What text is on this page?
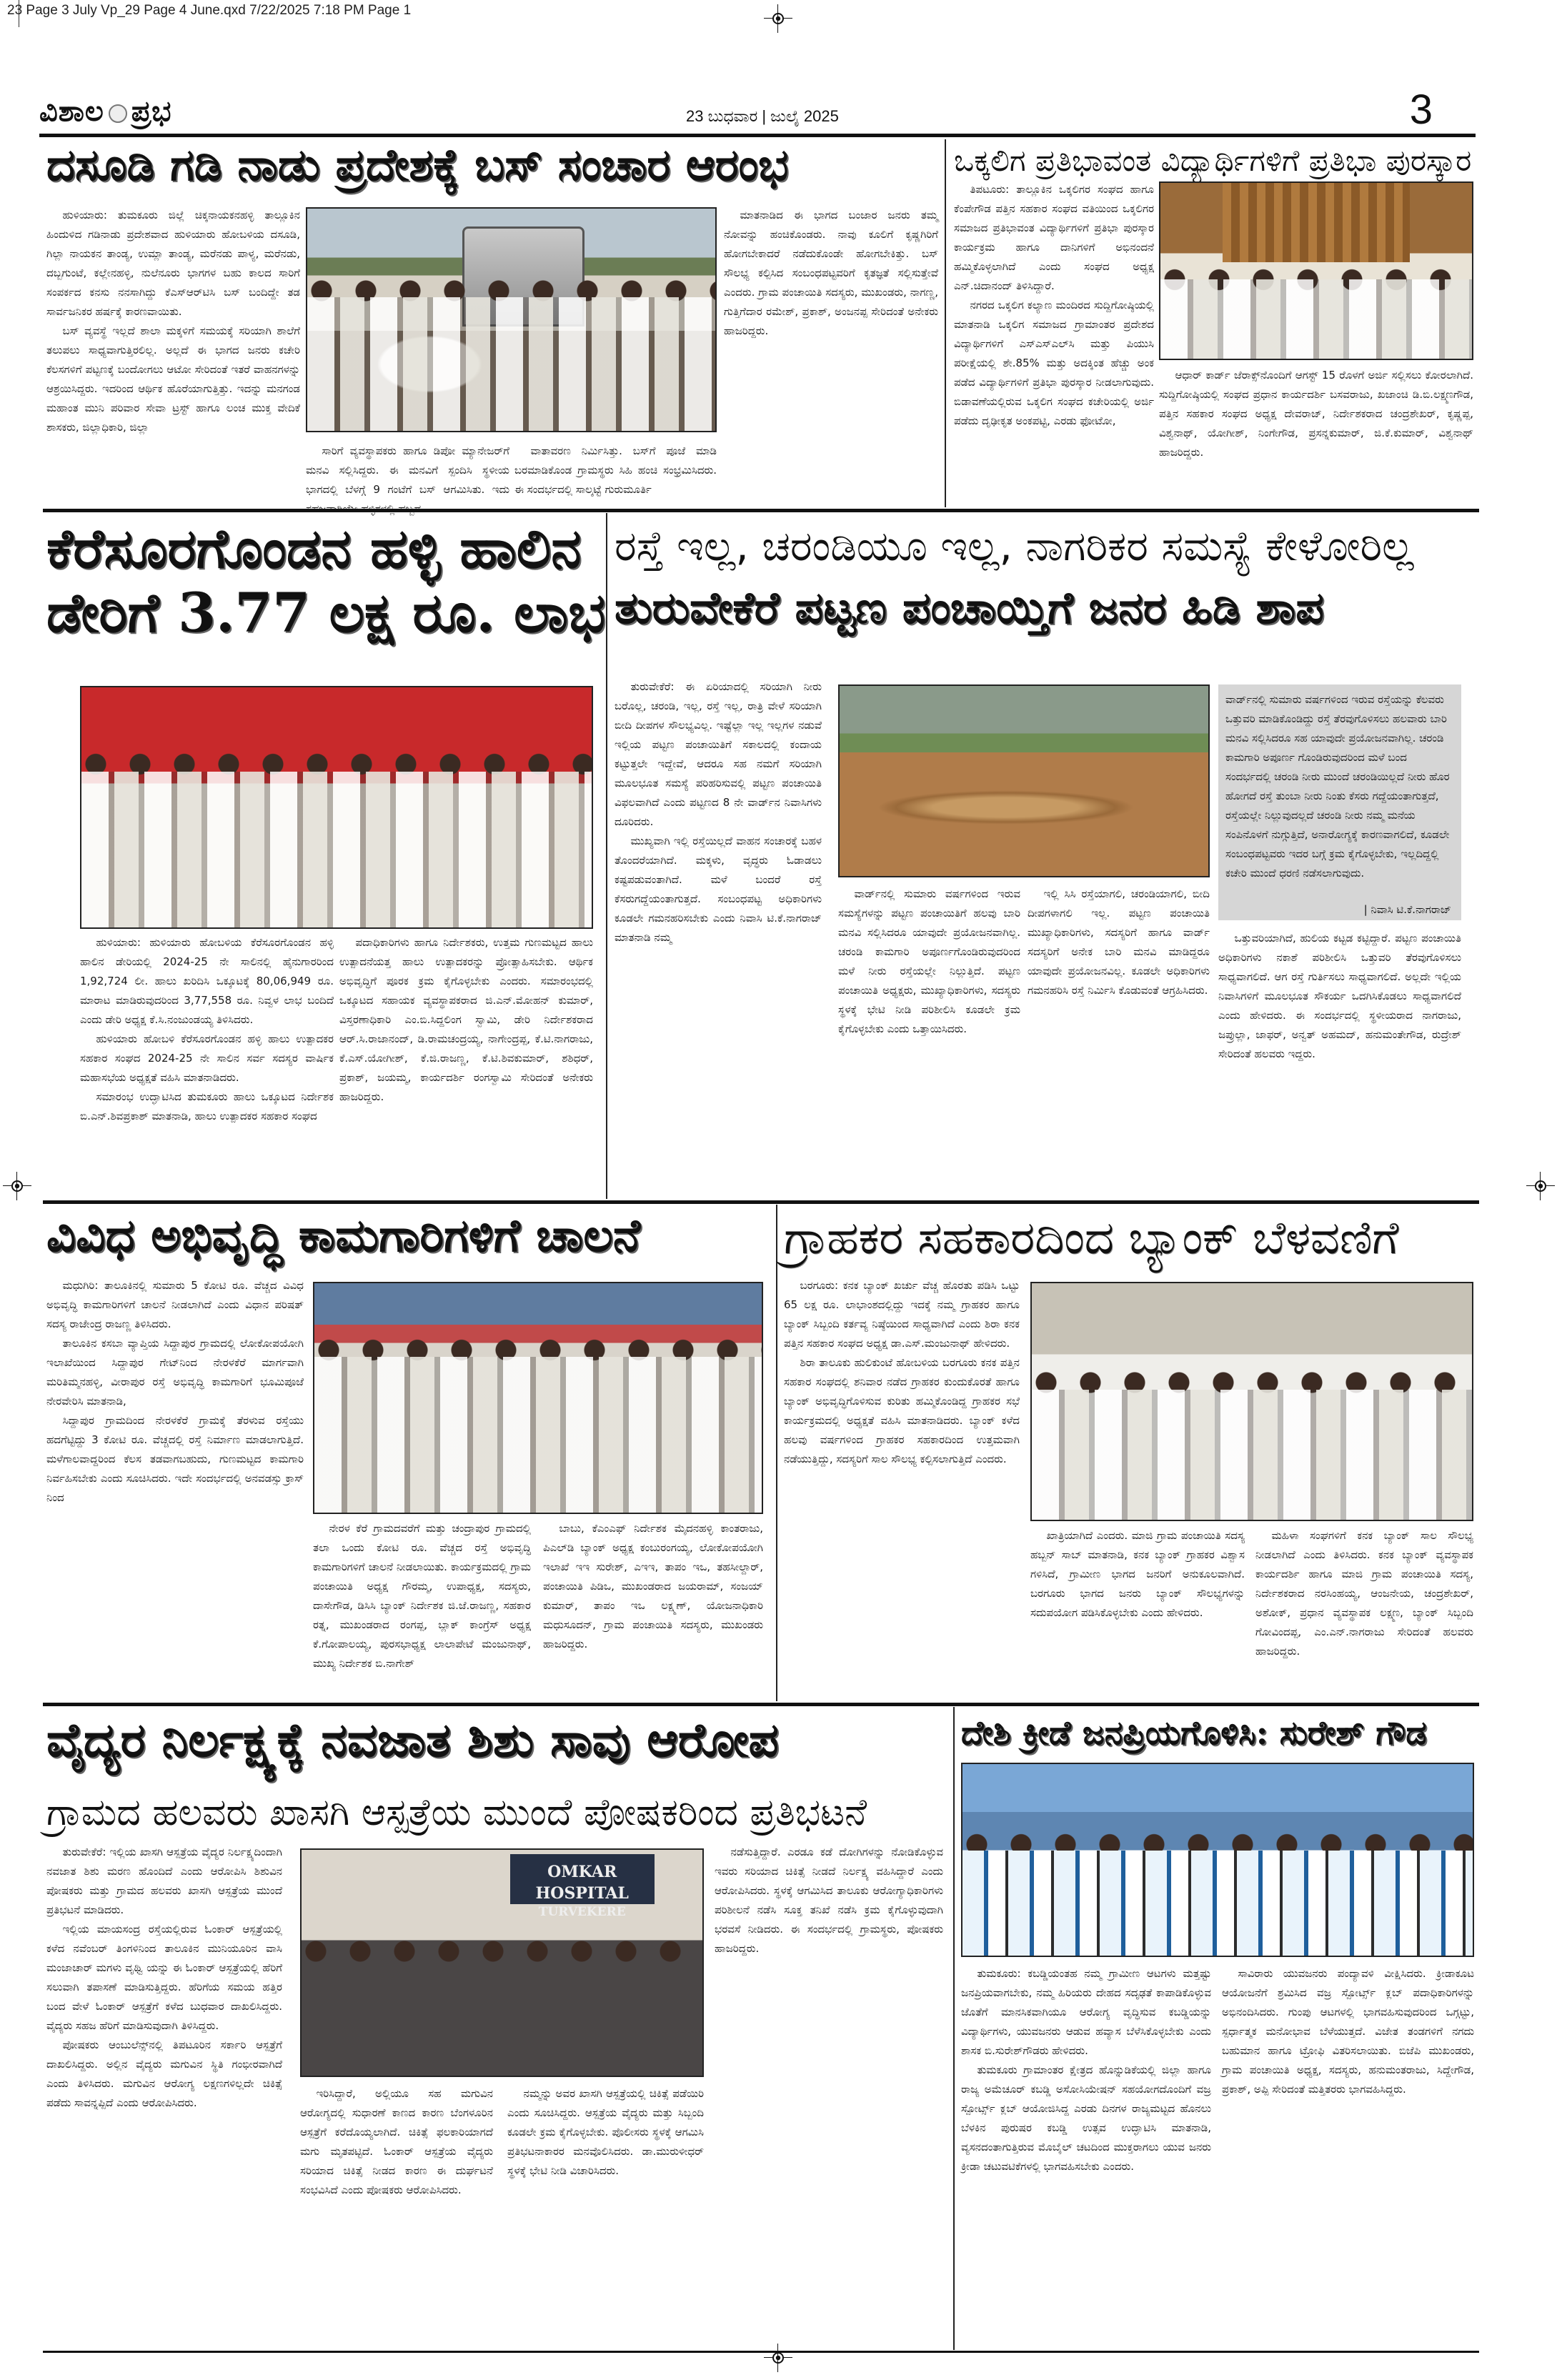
23 Page 3 July Vp_29 Page 4 June.qxd 7/22/2025 7:18 PM Page 1
ವಿಶಾಲ ಪ್ರಭ	23 ಬುಧವಾರ | ಜುಲೈ 2025	3
ದಸೂಡಿ ಗಡಿ ನಾಡು ಪ್ರದೇಶಕ್ಕೆ ಬಸ್ ಸಂಚಾರ ಆರಂಭ

ಹುಳಿಯಾರು: ತುಮಕೂರು ಜಿಲ್ಲೆ ಚಿಕ್ಕನಾಯಕನಹಳ್ಳಿ ತಾಲ್ಲೂಕಿನ ಹಿಂದುಳಿದ ಗಡಿನಾಡು ಪ್ರದೇಶವಾದ ಹುಳಿಯಾರು ಹೋಬಳಿಯ ದಸೂಡಿ, ಗಿಲ್ಲಾ ನಾಯಕನ ತಾಂಡ್ಯ, ಉಮ್ಲಾ ತಾಂಡ್ಯ, ಮರೆನಡು ಪಾಳ್ಯ, ಮರೆನಡು, ದಬ್ಬಗುಂಟೆ, ಕಲ್ಲೇನಹಳ್ಳಿ, ನುಲೆನೂರು ಭಾಗಗಳ ಬಹು ಕಾಲದ ಸಾರಿಗೆ ಸಂಪರ್ಕದ ಕನಸು ನನಸಾಗಿದ್ದು ಕೆಎಸ್ಆರ್‌ಟಿಸಿ ಬಸ್ ಬಂದಿದ್ದೇ ತಡ ಸಾರ್ವಜನಿಕರ ಹರ್ಷಕ್ಕೆ ಕಾರಣವಾಯಿತು.

ಬಸ್ ವ್ಯವಸ್ಥೆ ಇಲ್ಲದೆ ಶಾಲಾ ಮಕ್ಕಳಿಗೆ ಸಮಯಕ್ಕೆ ಸರಿಯಾಗಿ ಶಾಲೆಗೆ ತಲುಪಲು ಸಾಧ್ಯವಾಗುತ್ತಿರಲಿಲ್ಲ. ಅಲ್ಲದೆ ಈ ಭಾಗದ ಜನರು ಕಚೇರಿ ಕೆಲಸಗಳಿಗೆ ಪಟ್ಟಣಕ್ಕೆ ಬಂದೋಗಲು ಆಟೋ ಸೇರಿದಂತೆ ಇತರೆ ವಾಹನಗಳನ್ನು ಆಶ್ರಯಿಸಿದ್ದರು. ಇದರಿಂದ ಆರ್ಥಿಕ ಹೊರೆಯಾಗುತ್ತಿತ್ತು. ಇದನ್ನು ಮನಗಂಡ ಮಹಾಂತ ಮುನಿ ಪರಿವಾರ ಸೇವಾ ಟ್ರಸ್ಟ್ ಹಾಗೂ ಲಂಚ ಮುಕ್ತ ವೇದಿಕೆ ಶಾಸಕರು, ಜಿಲ್ಲಾಧಿಕಾರಿ, ಜಿಲ್ಲಾ

ಸಾರಿಗೆ ವ್ಯವಸ್ಥಾಪಕರು ಹಾಗೂ ಡಿಪೋ ಮ್ಯಾನೇಜರ್‌ಗೆ ಮನವಿ ಸಲ್ಲಿಸಿದ್ದರು. ಈ ಮನವಿಗೆ ಸ್ಪಂದಿಸಿ ಸ್ಥಳೀಯ ಭಾಗದಲ್ಲಿ ಬೆಳಗ್ಗೆ 9 ಗಂಟೆಗೆ ಬಸ್ ಆಗಮಿಸಿತು. ಇದು

ವಾತಾವರಣ ನಿರ್ಮಿಸಿತ್ತು. ಬಸ್‌ಗೆ ಪೂಜೆ ಮಾಡಿ ಬರಮಾಡಿಕೊಂಡ ಗ್ರಾಮಸ್ಥರು ಸಿಹಿ ಹಂಚಿ ಸಂಭ್ರಮಿಸಿದರು. ಈ ಸಂದರ್ಭದಲ್ಲಿ ಸಾಲ್ಕಟ್ಟೆ ಗುರುಮೂರ್ತಿ

ಮಾತನಾಡಿದ ಈ ಭಾಗದ ಬಂಜಾರ ಜನರು ತಮ್ಮ ನೋವನ್ನು ಹಂಚಿಕೊಂಡರು. ನಾವು ಕೂಲಿಗೆ ಕೃಷ್ಣಗಿರಿಗೆ ಹೋಗಬೇಕಾದರೆ ನಡೆದುಕೊಂಡೇ ಹೋಗಬೇಕಿತ್ತು. ಬಸ್ ಸೌಲಭ್ಯ ಕಲ್ಪಿಸಿದ ಸಂಬಂಧಪಟ್ಟವರಿಗೆ ಕೃತಜ್ಞತೆ ಸಲ್ಲಿಸುತ್ತೇವೆ ಎಂದರು. ಗ್ರಾಮ ಪಂಚಾಯಿತಿ ಸದಸ್ಯರು, ಮುಖಂಡರು, ನಾಗಣ್ಣ, ಗುತ್ತಿಗೆದಾರ ರಮೇಶ್, ಪ್ರಕಾಶ್, ಅಂಜನಪ್ಪ ಸೇರಿದಂತೆ ಅನೇಕರು ಹಾಜರಿದ್ದರು.

ಒಕ್ಕಲಿಗ ಪ್ರತಿಭಾವಂತ ವಿದ್ಯಾರ್ಥಿಗಳಿಗೆ ಪ್ರತಿಭಾ ಪುರಸ್ಕಾರ

ತಿಪಟೂರು: ತಾಲ್ಲೂಕಿನ ಒಕ್ಕಲಿಗರ ಸಂಘದ ಹಾಗೂ ಕೆಂಪೇಗೌಡ ಪತ್ತಿನ ಸಹಕಾರ ಸಂಘದ ವತಿಯಿಂದ ಒಕ್ಕಲಿಗರ ಸಮಾಜದ ಪ್ರತಿಭಾವಂತ ವಿದ್ಯಾರ್ಥಿಗಳಿಗೆ ಪ್ರತಿಭಾ ಪುರಸ್ಕಾರ ಕಾರ್ಯಕ್ರಮ ಹಾಗೂ ದಾನಿಗಳಿಗೆ ಅಭಿನಂದನೆ ಹಮ್ಮಿಕೊಳ್ಳಲಾಗಿದೆ ಎಂದು ಸಂಘದ ಅಧ್ಯಕ್ಷ ಎನ್.ಚಿದಾನಂದ್ ತಿಳಿಸಿದ್ದಾರೆ.

ನಗರದ ಒಕ್ಕಲಿಗ ಕಲ್ಯಾಣ ಮಂದಿರದ ಸುದ್ದಿಗೋಷ್ಠಿಯಲ್ಲಿ ಮಾತನಾಡಿ ಒಕ್ಕಲಿಗ ಸಮಾಜದ ಗ್ರಾಮಾಂತರ ಪ್ರದೇಶದ ವಿದ್ಯಾರ್ಥಿಗಳಿಗೆ ಎಸ್ಎಸ್ಎಲ್‌ಸಿ ಮತ್ತು ಪಿಯುಸಿ ಪರೀಕ್ಷೆಯಲ್ಲಿ ಶೇ.85% ಮತ್ತು ಅದಕ್ಕಿಂತ ಹೆಚ್ಚು ಅಂಕ ಪಡೆದ ವಿದ್ಯಾರ್ಥಿಗಳಿಗೆ ಪ್ರತಿಭಾ ಪುರಸ್ಕಾರ ನೀಡಲಾಗುವುದು. ಬಿಡಾವಣೆಯಲ್ಲಿರುವ ಒಕ್ಕಲಿಗ ಸಂಘದ ಕಚೇರಿಯಲ್ಲಿ ಅರ್ಜಿ ಪಡೆದು ದೃಢೀಕೃತ ಅಂಕಪಟ್ಟಿ, ಎರಡು ಫೋಟೋ,

ಆಧಾರ್ ಕಾರ್ಡ್ ಜೆರಾಕ್ಸ್‌ನೊಂದಿಗೆ ಆಗಸ್ಟ್ 15 ರೊಳಗೆ ಅರ್ಜಿ ಸಲ್ಲಿಸಲು ಕೋರಲಾಗಿದೆ. ಸುದ್ದಿಗೋಷ್ಠಿಯಲ್ಲಿ ಸಂಘದ ಪ್ರಧಾನ ಕಾರ್ಯದರ್ಶಿ ಬಸವರಾಜು, ಖಜಾಂಚಿ ಡಿ.ಬಿ.ಲಕ್ಷ್ಮಣಗೌಡ, ಪತ್ತಿನ ಸಹಕಾರ ಸಂಘದ ಅಧ್ಯಕ್ಷ ದೇವರಾಜ್, ನಿರ್ದೇಶಕರಾದ ಚಂದ್ರಶೇಖರ್, ಕೃಷ್ಣಪ್ಪ, ವಿಶ್ವನಾಥ್, ಯೋಗೀಶ್, ನಿಂಗೇಗೌಡ, ಪ್ರಸನ್ನಕುಮಾರ್, ಜಿ.ಕೆ.ಕುಮಾರ್, ವಿಶ್ವನಾಥ್ ಹಾಜರಿದ್ದರು.

ಕೆರೆಸೂರಗೊಂಡನ ಹಳ್ಳಿ ಹಾಲಿನ
ಡೇರಿಗೆ 3.77 ಲಕ್ಷ ರೂ. ಲಾಭ

ಹುಳಿಯಾರು: ಹುಳಿಯಾರು ಹೋಬಳಿಯ ಕೆರೆಸೂರಗೊಂಡನ ಹಳ್ಳಿ ಹಾಲಿನ ಡೇರಿಯಲ್ಲಿ 2024-25 ನೇ ಸಾಲಿನಲ್ಲಿ ಹೈನುಗಾರರಿಂದ 1,92,724 ಲೀ. ಹಾಲು ಖರಿದಿಸಿ ಒಕ್ಕೂಟಕ್ಕೆ 80,06,949 ರೂ. ಮಾರಾಟ ಮಾಡಿರುವುದರಿಂದ 3,77,558 ರೂ. ನಿವ್ವಳ ಲಾಭ ಬಂದಿದೆ ಎಂದು ಡೇರಿ ಅಧ್ಯಕ್ಷ ಕೆ.ಸಿ.ನಂಜುಂಡಯ್ಯ ತಿಳಿಸಿದರು.

ಹುಳಿಯಾರು ಹೋಬಳಿ ಕೆರೆಸೂರಗೊಂಡನ ಹಳ್ಳಿ ಹಾಲು ಉತ್ಪಾದಕರ ಸಹಕಾರ ಸಂಘದ 2024-25 ನೇ ಸಾಲಿನ ಸರ್ವ ಸದಸ್ಯರ ವಾರ್ಷಿಕ ಮಹಾಸಭೆಯ ಅಧ್ಯಕ್ಷತೆ ವಹಿಸಿ ಮಾತನಾಡಿದರು.

ಸಮಾರಂಭ ಉದ್ಘಾಟಿಸಿದ ತುಮಕೂರು ಹಾಲು ಒಕ್ಕೂಟದ ನಿರ್ದೇಶಕ ಬಿ.ಎನ್.ಶಿವಪ್ರಕಾಶ್ ಮಾತನಾಡಿ, ಹಾಲು ಉತ್ಪಾದಕರ ಸಹಕಾರ ಸಂಘದ

ಪದಾಧಿಕಾರಿಗಳು ಹಾಗೂ ನಿರ್ದೇಶಕರು, ಉತ್ತಮ ಗುಣಮಟ್ಟದ ಹಾಲು ಉತ್ಪಾದನೆಯತ್ತ ಹಾಲು ಉತ್ಪಾದಕರನ್ನು ಪ್ರೋತ್ಸಾಹಿಸಬೇಕು. ಆರ್ಥಿಕ ಅಭಿವೃದ್ಧಿಗೆ ಪೂರಕ ಕ್ರಮ ಕೈಗೊಳ್ಳಬೇಕು ಎಂದರು. ಸಮಾರಂಭದಲ್ಲಿ ಒಕ್ಕೂಟದ ಸಹಾಯಕ ವ್ಯವಸ್ಥಾಪಕರಾದ ಜಿ.ಎನ್.ಮೋಹನ್ ಕುಮಾರ್, ವಿಸ್ತರಣಾಧಿಕಾರಿ ಎಂ.ಬಿ.ಸಿದ್ದಲಿಂಗ ಸ್ವಾಮಿ, ಡೇರಿ ನಿರ್ದೇಶಕರಾದ ಆರ್.ಸಿ.ರಾಜಾನಂದ್, ಡಿ.ರಾಮಚಂದ್ರಯ್ಯ, ನಾಗೇಂದ್ರಪ್ಪ, ಕೆ.ಟಿ.ನಾಗರಾಜು, ಕೆ.ಎಸ್.ಯೋಗೀಶ್, ಕೆ.ಜಿ.ರಾಜಣ್ಣ, ಕೆ.ಟಿ.ಶಿವಕುಮಾರ್, ಶಶಿಧರ್, ಪ್ರಕಾಶ್, ಜಯಮ್ಮ, ಕಾರ್ಯದರ್ಶಿ ರಂಗಸ್ವಾಮಿ ಸೇರಿದಂತೆ ಅನೇಕರು ಹಾಜರಿದ್ದರು.

ರಸ್ತೆ ಇಲ್ಲ, ಚರಂಡಿಯೂ ಇಲ್ಲ, ನಾಗರಿಕರ ಸಮಸ್ಯೆ ಕೇಳೋರಿಲ್ಲ
ತುರುವೇಕೆರೆ ಪಟ್ಟಣ ಪಂಚಾಯ್ತಿಗೆ ಜನರ ಹಿಡಿ ಶಾಪ

ತುರುವೇಕೆರೆ: ಈ ಏರಿಯಾದಲ್ಲಿ ಸರಿಯಾಗಿ ನೀರು ಬರೊಲ್ಲ, ಚರಂಡಿ, ಇಲ್ಲ, ರಸ್ತೆ ಇಲ್ಲ, ರಾತ್ರಿ ವೇಳೆ ಸರಿಯಾಗಿ ಬೀದಿ ದೀಪಗಳ ಸೌಲಭ್ಯವಿಲ್ಲ. ಇಷ್ಟೆಲ್ಲಾ ಇಲ್ಲ ಇಲ್ಲಗಳ ನಡುವೆ ಇಲ್ಲಿಯ ಪಟ್ಟಣ ಪಂಚಾಯಿತಿಗೆ ಸಕಾಲದಲ್ಲಿ ಕಂದಾಯ ಕಟ್ಟುತ್ತಲೇ ಇದ್ದೇವೆ, ಆದರೂ ಸಹ ನಮಗೆ ಸರಿಯಾಗಿ ಮೂಲಭೂತ ಸಮಸ್ಯೆ ಪರಿಹರಿಸುವಲ್ಲಿ ಪಟ್ಟಣ ಪಂಚಾಯಿತಿ ವಿಫಲವಾಗಿದೆ ಎಂದು ಪಟ್ಟಣದ 8 ನೇ ವಾರ್ಡ್‌ನ ನಿವಾಸಿಗಳು ದೂರಿದರು.

ಮುಖ್ಯವಾಗಿ ಇಲ್ಲಿ ರಸ್ತೆಯಿಲ್ಲದೆ ವಾಹನ ಸಂಚಾರಕ್ಕೆ ಬಹಳ ತೊಂದರೆಯಾಗಿದೆ. ಮಕ್ಕಳು, ವೃದ್ಧರು ಓಡಾಡಲು ಕಷ್ಟಪಡುವಂತಾಗಿದೆ. ಮಳೆ ಬಂದರೆ ರಸ್ತೆ ಕೆಸರುಗದ್ದೆಯಂತಾಗುತ್ತದೆ. ಸಂಬಂಧಪಟ್ಟ ಅಧಿಕಾರಿಗಳು ಕೂಡಲೇ ಗಮನಹರಿಸಬೇಕು ಎಂದು ನಿವಾಸಿ ಟಿ.ಕೆ.ನಾಗರಾಜ್ ಮಾತನಾಡಿ ನಮ್ಮ

ವಾರ್ಡ್‌ನಲ್ಲಿ ಸುಮಾರು ವರ್ಷಗಳಿಂದ ಇರುವ ಸಮಸ್ಯೆಗಳನ್ನು ಪಟ್ಟಣ ಪಂಚಾಯಿತಿಗೆ ಹಲವು ಬಾರಿ ಮನವಿ ಸಲ್ಲಿಸಿದರೂ ಯಾವುದೇ ಪ್ರಯೋಜನವಾಗಿಲ್ಲ. ಚರಂಡಿ ಕಾಮಗಾರಿ ಅಪೂರ್ಣಗೊಂಡಿರುವುದರಿಂದ ಮಳೆ ನೀರು ರಸ್ತೆಯಲ್ಲೇ ನಿಲ್ಲುತ್ತಿದೆ. ಪಟ್ಟಣ ಪಂಚಾಯಿತಿ ಅಧ್ಯಕ್ಷರು, ಮುಖ್ಯಾಧಿಕಾರಿಗಳು, ಸದಸ್ಯರು ಸ್ಥಳಕ್ಕೆ ಭೇಟಿ ನೀಡಿ ಪರಿಶೀಲಿಸಿ ಕೂಡಲೇ ಕ್ರಮ ಕೈಗೊಳ್ಳಬೇಕು ಎಂದು ಒತ್ತಾಯಿಸಿದರು.

ಇಲ್ಲಿ ಸಿಸಿ ರಸ್ತೆಯಾಗಲಿ, ಚರಂಡಿಯಾಗಲಿ, ಬೀದಿ ದೀಪಗಳಾಗಲಿ ಇಲ್ಲ. ಪಟ್ಟಣ ಪಂಚಾಯಿತಿ ಮುಖ್ಯಾಧಿಕಾರಿಗಳು, ಸದಸ್ಯರಿಗೆ ಹಾಗೂ ವಾರ್ಡ್ ಸದಸ್ಯರಿಗೆ ಅನೇಕ ಬಾರಿ ಮನವಿ ಮಾಡಿದ್ದರೂ ಯಾವುದೇ ಪ್ರಯೋಜನವಿಲ್ಲ. ಕೂಡಲೇ ಅಧಿಕಾರಿಗಳು ಗಮನಹರಿಸಿ ರಸ್ತೆ ನಿರ್ಮಿಸಿ ಕೊಡುವಂತೆ ಆಗ್ರಹಿಸಿದರು.

ವಾರ್ಡ್‌ನಲ್ಲಿ ಸುಮಾರು ವರ್ಷಗಳಿಂದ ಇರುವ ರಸ್ತೆಯನ್ನು ಕೆಲವರು ಒತ್ತುವರಿ ಮಾಡಿಕೊಂಡಿದ್ದು ರಸ್ತೆ ತೆರವುಗೊಳಿಸಲು ಹಲವಾರು ಬಾರಿ ಮನವಿ ಸಲ್ಲಿಸಿದರೂ ಸಹ ಯಾವುದೇ ಪ್ರಯೋಜನವಾಗಿಲ್ಲ. ಚರಂಡಿ ಕಾಮಗಾರಿ ಅಪೂರ್ಣ ಗೊಂಡಿರುವುದರಿಂದ ಮಳೆ ಬಂದ ಸಂದರ್ಭದಲ್ಲಿ ಚರಂಡಿ ನೀರು ಮುಂದೆ ಚರಂಡಿಯಿಲ್ಲದೆ ನೀರು ಹೊರ ಹೋಗದೆ ರಸ್ತೆ ತುಂಬಾ ನೀರು ನಿಂತು ಕೆಸರು ಗದ್ದೆಯಂತಾಗುತ್ತದೆ, ರಸ್ತೆಯಲ್ಲೇ ನಿಲ್ಲುವುದಲ್ಲದೆ ಚರಂಡಿ ನೀರು ನಮ್ಮ ಮನೆಯ ಸಂಪಿನೊಳಗೆ ನುಗ್ಗುತ್ತಿದೆ, ಅನಾರೋಗ್ಯಕ್ಕೆ ಕಾರಣವಾಗಲಿದೆ, ಕೂಡಲೇ ಸಂಬಂಧಪಟ್ಟವರು ಇದರ ಬಗ್ಗೆ ಕ್ರಮ ಕೈಗೊಳ್ಳಬೇಕು, ಇಲ್ಲದಿದ್ದಲ್ಲಿ ಕಚೇರಿ ಮುಂದೆ ಧರಣಿ ನಡೆಸಲಾಗುವುದು.
| ನಿವಾಸಿ ಟಿ.ಕೆ.ನಾಗರಾಜ್

ಒತ್ತುವರಿಯಾಗಿದೆ, ಹುಲಿಯ ಕಟ್ಟಡ ಕಟ್ಟಿದ್ದಾರೆ. ಪಟ್ಟಣ ಪಂಚಾಯಿತಿ ಅಧಿಕಾರಿಗಳು ನಕಾಶೆ ಪರಿಶೀಲಿಸಿ ಒತ್ತುವರಿ ತೆರವುಗೊಳಿಸಲು ಸಾಧ್ಯವಾಗಲಿದೆ. ಆಗ ರಸ್ತೆ ಗುರ್ತಿಸಲು ಸಾಧ್ಯವಾಗಲಿದೆ. ಅಲ್ಲದೇ ಇಲ್ಲಿಯ ನಿವಾಸಿಗಳಿಗೆ ಮೂಲಭೂತ ಸೌಕರ್ಯ ಒದಗಿಸಿಕೊಡಲು ಸಾಧ್ಯವಾಗಲಿದೆ ಎಂದು ಹೇಳಿದರು. ಈ ಸಂದರ್ಭದಲ್ಲಿ ಸ್ಥಳೀಯರಾದ ನಾಗರಾಜು, ಜಪ್ರುಲ್ಲಾ, ಜಾಫರ್, ಅನ್ವತ್ ಅಹಮದ್, ಹನುಮಂತೇಗೌಡ, ರುದ್ರೇಶ್ ಸೇರಿದಂತೆ ಹಲವರು ಇದ್ದರು.

ವಿವಿಧ ಅಭಿವೃದ್ಧಿ ಕಾಮಗಾರಿಗಳಿಗೆ ಚಾಲನೆ

ಮಧುಗಿರಿ: ತಾಲೂಕಿನಲ್ಲಿ ಸುಮಾರು 5 ಕೋಟಿ ರೂ. ವೆಚ್ಚದ ವಿವಿಧ ಅಭಿವೃದ್ಧಿ ಕಾಮಗಾರಿಗಳಿಗೆ ಚಾಲನೆ ನೀಡಲಾಗಿದೆ ಎಂದು ವಿಧಾನ ಪರಿಷತ್ ಸದಸ್ಯ ರಾಜೇಂದ್ರ ರಾಜಣ್ಣ ತಿಳಿಸಿದರು.

ತಾಲೂಕಿನ ಕಸಬಾ ವ್ಯಾಪ್ತಿಯ ಸಿದ್ದಾಪುರ ಗ್ರಾಮದಲ್ಲಿ ಲೋಕೋಪಯೋಗಿ ಇಲಾಖೆಯಿಂದ ಸಿದ್ದಾಪುರ ಗೇಟ್‌ನಿಂದ ನೇರಳಕೆರೆ ಮಾರ್ಗವಾಗಿ ಮರಿತಿಮ್ಮನಹಳ್ಳಿ, ವೀರಾಪುರ ರಸ್ತೆ ಅಭಿವೃದ್ಧಿ ಕಾಮಗಾರಿಗೆ ಭೂಮಿಪೂಜೆ ನೇರವೇರಿಸಿ ಮಾತನಾಡಿ,

ಸಿದ್ದಾಪುರ ಗ್ರಾಮದಿಂದ ನೇರಳಕೆರೆ ಗ್ರಾಮಕ್ಕೆ ತೆರಳುವ ರಸ್ತೆಯು ಹದಗೆಟ್ಟಿದ್ದು 3 ಕೋಟಿ ರೂ. ವೆಚ್ಚದಲ್ಲಿ ರಸ್ತೆ ನಿರ್ಮಾಣ ಮಾಡಲಾಗುತ್ತಿದೆ. ಮಳೆಗಾಲವಾದ್ದರಿಂದ ಕೆಲಸ ತಡವಾಗಬಹುದು, ಗುಣಮಟ್ಟದ ಕಾಮಗಾರಿ ನಿರ್ವಹಿಸಬೇಕು ಎಂದು ಸೂಚಿಸಿದರು. ಇದೇ ಸಂದರ್ಭದಲ್ಲಿ ಅನವಡಸ್ಸು ಕ್ರಾಸ್ ನಿಂದ

ನೇರಳ ಕೆರೆ ಗ್ರಾಮದವರೆಗೆ ಮತ್ತು ಚಂದ್ರಾಪುರ ಗ್ರಾಮದಲ್ಲಿ ತಲಾ ಒಂದು ಕೋಟಿ ರೂ. ವೆಚ್ಚದ ರಸ್ತೆ ಅಭಿವೃದ್ಧಿ ಕಾಮಗಾರಿಗಳಿಗೆ ಚಾಲನೆ ನೀಡಲಾಯಿತು. ಕಾರ್ಯಕ್ರಮದಲ್ಲಿ ಗ್ರಾಮ ಪಂಚಾಯಿತಿ ಅಧ್ಯಕ್ಷ ಗೌರಮ್ಮ, ಉಪಾಧ್ಯಕ್ಷ, ಸದಸ್ಯರು, ದಾಸೇಗೌಡ, ಡಿಸಿಸಿ ಬ್ಯಾಂಕ್ ನಿರ್ದೇಶಕ ಜಿ.ಜೆ.ರಾಜಣ್ಣ, ಸಹಕಾರ ರತ್ನ, ಮುಖಂಡರಾದ ರಂಗಪ್ಪ, ಬ್ಲಾಕ್ ಕಾಂಗ್ರೆಸ್ ಅಧ್ಯಕ್ಷ ಕೆ.ಗೋಪಾಲಯ್ಯ, ಪುರಸಭಾಧ್ಯಕ್ಷ ಲಾಲಾಪೇಟೆ ಮಂಜುನಾಥ್, ಮುಖ್ಯ ನಿರ್ದೇಶಕ ಬಿ.ನಾಗೇಶ್

ಬಾಬು, ಕೆಎಂಎಫ್ ನಿರ್ದೇಶಕ ಮೈದನಹಳ್ಳಿ ಕಾಂತರಾಜು, ಪಿಎಲ್‌ಡಿ ಬ್ಯಾಂಕ್ ಅಧ್ಯಕ್ಷ ಕಂಬುರಂಗಯ್ಯ, ಲೋಕೋಪಯೋಗಿ ಇಲಾಖೆ ಇಇ ಸುರೇಶ್, ಎಇಇ, ತಾಪಂ ಇಒ, ತಹಸೀಲ್ದಾರ್, ಪಂಚಾಯಿತಿ ಪಿಡಿಒ, ಮುಖಂಡರಾದ ಜಯರಾಮ್, ಸಂಜಯ್ ಕುಮಾರ್, ತಾಪಂ ಇಒ ಲಕ್ಷ್ಮಣ್, ಯೋಜನಾಧಿಕಾರಿ ಮಧುಸೂದನ್, ಗ್ರಾಮ ಪಂಚಾಯಿತಿ ಸದಸ್ಯರು, ಮುಖಂಡರು ಹಾಜರಿದ್ದರು.

ಗ್ರಾಹಕರ ಸಹಕಾರದಿಂದ ಬ್ಯಾಂಕ್ ಬೆಳವಣಿಗೆ

ಬರಗೂರು: ಕನಕ ಬ್ಯಾಂಕ್ ಖರ್ಚು ವೆಚ್ಚ ಹೊರತು ಪಡಿಸಿ ಒಟ್ಟು 65 ಲಕ್ಷ ರೂ. ಲಾಭಾಂಶದಲ್ಲಿದ್ದು ಇದಕ್ಕೆ ನಮ್ಮ ಗ್ರಾಹಕರ ಹಾಗೂ ಬ್ಯಾಂಕ್ ಸಿಬ್ಬಂದಿ ಕರ್ತವ್ಯ ನಿಷ್ಠೆಯಿಂದ ಸಾಧ್ಯವಾಗಿದೆ ಎಂದು ಶಿರಾ ಕನಕ ಪತ್ತಿನ ಸಹಕಾರ ಸಂಘದ ಅಧ್ಯಕ್ಷ ಡಾ.ಎಸ್.ಮಂಜುನಾಥ್ ಹೇಳಿದರು.

ಶಿರಾ ತಾಲೂಕು ಹುಲಿಕುಂಟೆ ಹೋಬಳಿಯ ಬರಗೂರು ಕನಕ ಪತ್ತಿನ ಸಹಕಾರ ಸಂಘದಲ್ಲಿ ಶನಿವಾರ ನಡೆದ ಗ್ರಾಹಕರ ಕುಂದುಕೊರತೆ ಹಾಗೂ ಬ್ಯಾಂಕ್ ಅಭಿವೃದ್ಧಿಗೊಳಿಸುವ ಕುರಿತು ಹಮ್ಮಿಕೊಂಡಿದ್ದ ಗ್ರಾಹಕರ ಸಭೆ ಕಾರ್ಯಕ್ರಮದಲ್ಲಿ ಅಧ್ಯಕ್ಷತೆ ವಹಿಸಿ ಮಾತನಾಡಿದರು. ಬ್ಯಾಂಕ್ ಕಳೆದ ಹಲವು ವರ್ಷಗಳಿಂದ ಗ್ರಾಹಕರ ಸಹಕಾರದಿಂದ ಉತ್ತಮವಾಗಿ ನಡೆಯುತ್ತಿದ್ದು, ಸದಸ್ಯರಿಗೆ ಸಾಲ ಸೌಲಭ್ಯ ಕಲ್ಪಿಸಲಾಗುತ್ತಿದೆ ಎಂದರು.

ಖಾತ್ರಿಯಾಗಿದೆ ಎಂದರು. ಮಾಜಿ ಗ್ರಾಮ ಪಂಚಾಯಿತಿ ಸದಸ್ಯ ಹಬ್ಬನ್ ಸಾಬ್ ಮಾತನಾಡಿ, ಕನಕ ಬ್ಯಾಂಕ್ ಗ್ರಾಹಕರ ವಿಶ್ವಾಸ ಗಳಿಸಿದೆ, ಗ್ರಾಮೀಣ ಭಾಗದ ಜನರಿಗೆ ಅನುಕೂಲವಾಗಿದೆ. ಬರಗೂರು ಭಾಗದ ಜನರು ಬ್ಯಾಂಕ್ ಸೌಲಭ್ಯಗಳನ್ನು ಸದುಪಯೋಗ ಪಡಿಸಿಕೊಳ್ಳಬೇಕು ಎಂದು ಹೇಳಿದರು.

ಮಹಿಳಾ ಸಂಘಗಳಿಗೆ ಕನಕ ಬ್ಯಾಂಕ್ ಸಾಲ ಸೌಲಭ್ಯ ನೀಡಲಾಗಿದೆ ಎಂದು ತಿಳಿಸಿದರು. ಕನಕ ಬ್ಯಾಂಕ್ ವ್ಯವಸ್ಥಾಪಕ ಕಾರ್ಯದರ್ಶಿ ಹಾಗೂ ಮಾಜಿ ಗ್ರಾಮ ಪಂಚಾಯಿತಿ ಸದಸ್ಯ, ನಿರ್ದೇಶಕರಾದ ನರಸಿಂಹಯ್ಯ, ಆಂಜನೇಯ, ಚಂದ್ರಶೇಖರ್, ಅಶೋಕ್, ಪ್ರಧಾನ ವ್ಯವಸ್ಥಾಪಕ ಲಕ್ಷ್ಮಣ, ಬ್ಯಾಂಕ್ ಸಿಬ್ಬಂದಿ ಗೋವಿಂದಪ್ಪ, ಎಂ.ಎನ್.ನಾಗರಾಜು ಸೇರಿದಂತೆ ಹಲವರು ಹಾಜರಿದ್ದರು.

ವೈದ್ಯರ ನಿರ್ಲಕ್ಷ್ಯಕ್ಕೆ ನವಜಾತ ಶಿಶು ಸಾವು ಆರೋಪ
ಗ್ರಾಮದ ಹಲವರು ಖಾಸಗಿ ಆಸ್ಪತ್ರೆಯ ಮುಂದೆ ಪೋಷಕರಿಂದ ಪ್ರತಿಭಟನೆ

ತುರುವೇಕೆರೆ: ಇಲ್ಲಿಯ ಖಾಸಗಿ ಆಸ್ಪತ್ರೆಯ ವೈದ್ಯರ ನಿರ್ಲಕ್ಷ್ಯದಿಂದಾಗಿ ನವಜಾತ ಶಿಶು ಮರಣ ಹೊಂದಿದೆ ಎಂದು ಆರೋಪಿಸಿ ಶಿಶುವಿನ ಪೋಷಕರು ಮತ್ತು ಗ್ರಾಮದ ಹಲವರು ಖಾಸಗಿ ಆಸ್ಪತ್ರೆಯ ಮುಂದೆ ಪ್ರತಿಭಟನೆ ಮಾಡಿದರು.

ಇಲ್ಲಿಯ ಮಾಯಸಂದ್ರ ರಸ್ತೆಯಲ್ಲಿರುವ ಓಂಕಾರ್ ಆಸ್ಪತ್ರೆಯಲ್ಲಿ ಕಳೆದ ನವೆಂಬರ್ ತಿಂಗಳಿನಿಂದ ತಾಲೂಕಿನ ಮುನಿಯೂರಿನ ವಾಸಿ ಮಂಜಾಚಾರ್ ಮಗಳು ವೃಥ್ವಿ ಯನ್ನು ಈ ಓಂಕಾರ್ ಆಸ್ಪತ್ರೆಯಲ್ಲಿ ಹೆರಿಗೆ ಸಲುವಾಗಿ ತಪಾಸಣೆ ಮಾಡಿಸುತ್ತಿದ್ದರು. ಹೆರಿಗೆಯ ಸಮಯ ಹತ್ತಿರ ಬಂದ ವೇಳೆ ಓಂಕಾರ್ ಆಸ್ಪತ್ರೆಗೆ ಕಳೆದ ಬುಧವಾರ ದಾಖಲಿಸಿದ್ದರು. ವೈದ್ಯರು ಸಹಜ ಹೆರಿಗೆ ಮಾಡಿಸುವುದಾಗಿ ತಿಳಿಸಿದ್ದರು.

ಪೋಷಕರು ಆಂಬುಲೆನ್ಸ್‌ನಲ್ಲಿ ತಿಪಟೂರಿನ ಸರ್ಕಾರಿ ಆಸ್ಪತ್ರೆಗೆ ದಾಖಲಿಸಿದ್ದರು. ಅಲ್ಲಿನ ವೈದ್ಯರು ಮಗುವಿನ ಸ್ಥಿತಿ ಗಂಭೀರವಾಗಿದೆ ಎಂದು ತಿಳಿಸಿದರು. ಮಗುವಿನ ಆರೋಗ್ಯ ಲಕ್ಷಣಗಳಿಲ್ಲದೇ ಚಿಕಿತ್ಸೆ ಪಡೆದು ಸಾವನ್ನಪ್ಪಿದೆ ಎಂದು ಆರೋಪಿಸಿದರು.

OMKAR HOSPITAL
TURVEKERE

ಇರಿಸಿದ್ದಾರೆ, ಅಲ್ಲಿಯೂ ಸಹ ಮಗುವಿನ ಆರೋಗ್ಯದಲ್ಲಿ ಸುಧಾರಣೆ ಕಾಣದ ಕಾರಣ ಬೆಂಗಳೂರಿನ ಆಸ್ಪತ್ರೆಗೆ ಕರೆದೊಯ್ಯಲಾಗಿದೆ. ಚಿಕಿತ್ಸೆ ಫಲಕಾರಿಯಾಗದೆ ಮಗು ಮೃತಪಟ್ಟಿದೆ. ಓಂಕಾರ್ ಆಸ್ಪತ್ರೆಯ ವೈದ್ಯರು ಸರಿಯಾದ ಚಿಕಿತ್ಸೆ ನೀಡದ ಕಾರಣ ಈ ದುರ್ಘಟನೆ ಸಂಭವಿಸಿದೆ ಎಂದು ಪೋಷಕರು ಆರೋಪಿಸಿದರು.

ನಮ್ಮನ್ನು ಅವರ ಖಾಸಗಿ ಆಸ್ಪತ್ರೆಯಲ್ಲಿ ಚಿಕಿತ್ಸೆ ಪಡೆಯಿರಿ ಎಂದು ಸೂಚಿಸಿದ್ದರು. ಆಸ್ಪತ್ರೆಯ ವೈದ್ಯರು ಮತ್ತು ಸಿಬ್ಬಂದಿ ಕೂಡಲೇ ಕ್ರಮ ಕೈಗೊಳ್ಳಬೇಕು. ಪೊಲೀಸರು ಸ್ಥಳಕ್ಕೆ ಆಗಮಿಸಿ ಪ್ರತಿಭಟನಾಕಾರರ ಮನವೊಲಿಸಿದರು. ಡಾ.ಮುರುಳೀಧರ್ ಸ್ಥಳಕ್ಕೆ ಭೇಟಿ ನೀಡಿ ವಿಚಾರಿಸಿದರು.

ನಡೆಸುತ್ತಿದ್ದಾರೆ. ಎರಡೂ ಕಡೆ ದೋಗಿಗಳನ್ನು ನೋಡಿಕೊಳ್ಳುವ ಇವರು ಸರಿಯಾದ ಚಿಕಿತ್ಸೆ ನೀಡದೆ ನಿರ್ಲಕ್ಷ್ಯ ವಹಿಸಿದ್ದಾರೆ ಎಂದು ಆರೋಪಿಸಿದರು. ಸ್ಥಳಕ್ಕೆ ಆಗಮಿಸಿದ ತಾಲೂಕು ಆರೋಗ್ಯಾಧಿಕಾರಿಗಳು ಪರಿಶೀಲನೆ ನಡೆಸಿ ಸೂಕ್ತ ತನಿಖೆ ನಡೆಸಿ ಕ್ರಮ ಕೈಗೊಳ್ಳುವುದಾಗಿ ಭರವಸೆ ನೀಡಿದರು. ಈ ಸಂದರ್ಭದಲ್ಲಿ ಗ್ರಾಮಸ್ಥರು, ಪೋಷಕರು ಹಾಜರಿದ್ದರು.

ದೇಶಿ ಕ್ರೀಡೆ ಜನಪ್ರಿಯಗೊಳಿಸಿ: ಸುರೇಶ್ ಗೌಡ

ತುಮಕೂರು: ಕಬಡ್ಡಿಯಂತಹ ನಮ್ಮ ಗ್ರಾಮೀಣ ಆಟಗಳು ಮತ್ತಷ್ಟು ಜನಪ್ರಿಯವಾಗಬೇಕು, ನಮ್ಮ ಹಿರಿಯರು ದೇಹದ ಸದೃಢತೆ ಕಾಪಾಡಿಕೊಳ್ಳುವ ಜೊತೆಗೆ ಮಾನಸಿಕವಾಗಿಯೂ ಆರೋಗ್ಯ ವೃದ್ಧಿಸುವ ಕಬಡ್ಡಿಯನ್ನು ವಿದ್ಯಾರ್ಥಿಗಳು, ಯುವಜನರು ಆಡುವ ಹವ್ಯಾಸ ಬೆಳೆಸಿಕೊಳ್ಳಬೇಕು ಎಂದು ಶಾಸಕ ಬಿ.ಸುರೇಶ್‌ಗೌಡರು ಹೇಳಿದರು.

ತುಮಕೂರು ಗ್ರಾಮಾಂತರ ಕ್ಷೇತ್ರದ ಹೊನ್ನುಡಿಕೆಯಲ್ಲಿ ಜಿಲ್ಲಾ ಹಾಗೂ ರಾಜ್ಯ ಅಮೆಚೂರ್ ಕಬಡ್ಡಿ ಅಸೋಸಿಯೇಷನ್ ಸಹಯೋಗದೊಂದಿಗೆ ವಜ್ರ ಸ್ಪೋರ್ಟ್ಸ್ ಕ್ಲಬ್ ಆಯೋಜಿಸಿದ್ದ ಎರಡು ದಿನಗಳ ರಾಜ್ಯಮಟ್ಟದ ಹೊನಲು ಬೆಳಕಿನ ಪುರುಷರ ಕಬಡ್ಡಿ ಉತ್ಸವ ಉದ್ಘಾಟಿಸಿ ಮಾತನಾಡಿ, ವ್ಯಸನದಂತಾಗುತ್ತಿರುವ ಮೊಬೈಲ್ ಚಟದಿಂದ ಮುಕ್ತರಾಗಲು ಯುವ ಜನರು ಕ್ರೀಡಾ ಚಟುವಟಿಕೆಗಳಲ್ಲಿ ಭಾಗವಹಿಸಬೇಕು ಎಂದರು.

ಸಾವಿರಾರು ಯುವಜನರು ಪಂದ್ಯಾವಳಿ ವೀಕ್ಷಿಸಿದರು. ಕ್ರೀಡಾಕೂಟ ಆಯೋಜನೆಗೆ ಶ್ರಮಿಸಿದ ವಜ್ರ ಸ್ಪೋರ್ಟ್ಸ್ ಕ್ಲಬ್ ಪದಾಧಿಕಾರಿಗಳನ್ನು ಅಭಿನಂದಿಸಿದರು. ಗುಂಪು ಆಟಗಳಲ್ಲಿ ಭಾಗವಹಿಸುವುದರಿಂದ ಒಗ್ಗಟ್ಟು, ಸ್ಪರ್ಧಾತ್ಮಕ ಮನೋಭಾವ ಬೆಳೆಯುತ್ತದೆ. ವಿಜೇತ ತಂಡಗಳಿಗೆ ನಗದು ಬಹುಮಾನ ಹಾಗೂ ಟ್ರೋಫಿ ವಿತರಿಸಲಾಯಿತು. ಬಿಜೆಪಿ ಮುಖಂಡರು, ಗ್ರಾಮ ಪಂಚಾಯಿತಿ ಅಧ್ಯಕ್ಷ, ಸದಸ್ಯರು, ಹನುಮಂತರಾಜು, ಸಿದ್ದೇಗೌಡ, ಪ್ರಕಾಶ್, ಅಪ್ಪಿ ಸೇರಿದಂತೆ ಮತ್ತಿತರರು ಭಾಗವಹಿಸಿದ್ದರು.
